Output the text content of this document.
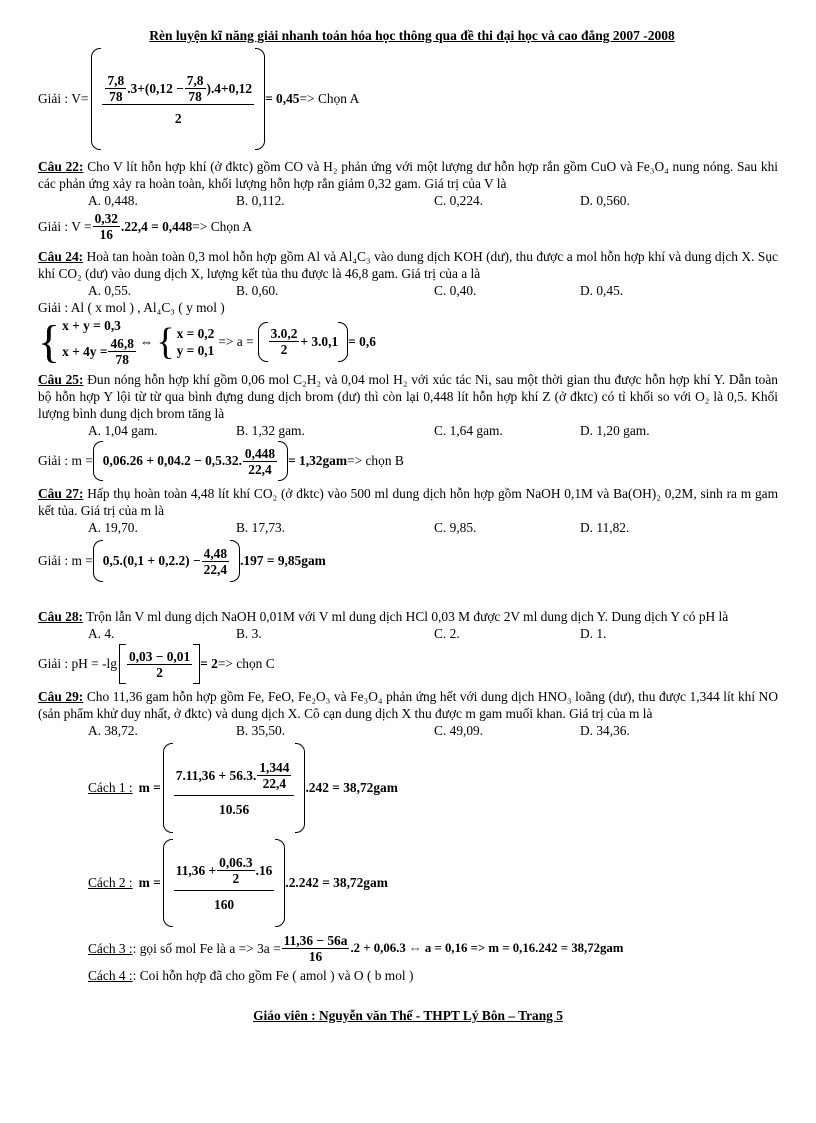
Rèn luyện kĩ năng giải nhanh toán hóa học thông qua đề thi đại học và cao đẳng 2007 -2008
Giải : $V= \frac{7,8}{78} .3+(0,12 - \frac{7,8}{78} ).4+0,12$
2
= 0,45 => Chọn A
Câu 22: Cho V lít hỗn hợp khí (ở đktc) gồm CO và H₂ phản ứng với một lượng dư hỗn hợp rắn gồm CuO và Fe₃O₄ nung nóng. Sau khi các phản ứng xảy ra hoàn toàn, khối lượng hỗn hợp rắn giảm 0,32 gam. Giá trị của V là
A. 0,448.	B. 0,112.	C. 0,224.	D. 0,560.
Giải : $V = \frac{0,32}{16} .22,4 = 0,448$ => Chọn A
Câu 24: Hoà tan hoàn toàn 0,3 mol hỗn hợp gồm Al và Al₄C₃ vào dung dịch KOH (dư), thu được a mol hỗn hợp khí và dung dịch X. Sục khí CO₂ (dư) vào dung dịch X, lượng kết tủa thu được là 46,8 gam. Giá trị của a là
A. 0,55.	B. 0,60.	C. 0,40.	D. 0,45.
Giải : Al ( x mol ) , Al₄C₃ ( y mol )
{ x + y = 0,3
$x + 4y = \frac{46,8}{78}$ ⇔ { x = 0,2
y = 0,1
=> $a = \frac{3.0,2}{2} + 3.0,1 = 0,6$
Câu 25: Đun nóng hỗn hợp khí gồm 0,06 mol C₂H₂ và 0,04 mol H₂ với xúc tác Ni, sau một thời gian thu được hỗn hợp khí Y. Dẫn toàn bộ hỗn hợp Y lội từ từ qua bình đựng dung dịch brom (dư) thì còn lại 0,448 lít hỗn hợp khí Z (ở đktc) có tỉ khối so với O₂ là 0,5. Khối lượng bình dung dịch brom tăng là
A. 1,04 gam.	B. 1,32 gam.	C. 1,64 gam.	D. 1,20 gam.
Giải : m = 0,06.26 + 0,04.2 − 0,5.32. $\frac{0,448}{22,4} = 1,32gam$ => chọn B
Câu 27: Hấp thụ hoàn toàn 4,48 lít khí CO₂ (ở đktc) vào 500 ml dung dịch hỗn hợp gồm NaOH 0,1M và Ba(OH)₂ 0,2M, sinh ra m gam kết tủa. Giá trị của m là
A. 19,70.	B. 17,73.	C. 9,85.	D. 11,82.
Giải : $m = 0,5.(0,1 + 0,2.2) - \frac{4,48}{22,4} .197 = 9,85gam$
Câu 28: Trộn lẫn V ml dung dịch NaOH 0,01M với V ml dung dịch HCl 0,03 M được 2V ml dung dịch Y. Dung dịch Y có pH là
A. 4.	B. 3.	C. 2.	D. 1.
Giải : pH = $-\lg \frac{0,03 - 0,01}{2} = 2$ => chọn C
Câu 29: Cho 11,36 gam hỗn hợp gồm Fe, FeO, Fe₂O₃ và Fe₃O₄ phản ứng hết với dung dịch HNO₃ loãng (dư), thu được 1,344 lít khí NO (sản phẩm khử duy nhất, ở đktc) và dung dịch X. Cô cạn dung dịch X thu được m gam muối khan. Giá trị của m là
A. 38,72.	B. 35,50.	C. 49,09.	D. 34,36.
Cách 1 : $m = \frac{7.11,36 + 56.3. \frac{1,344}{22,4}}{10.56} .242 = 38,72gam$
Cách 2 : $m = \frac{11,36 + \frac{0,06.3}{2} .16}{160} .2.242 = 38,72gam$
Cách 3 : : gọi số mol Fe là $a => 3a = \frac{11,36 - 56a}{16} .2 + 0,06.3$ ⇔ a = 0,16 => m = 0,16.242 = 38,72gam
Cách 4 : : Coi hỗn hợp đã cho gồm Fe ( amol ) và O ( b mol )
Giáo viên : Nguyễn văn Thế - THPT Lý Bôn – Trang 5
